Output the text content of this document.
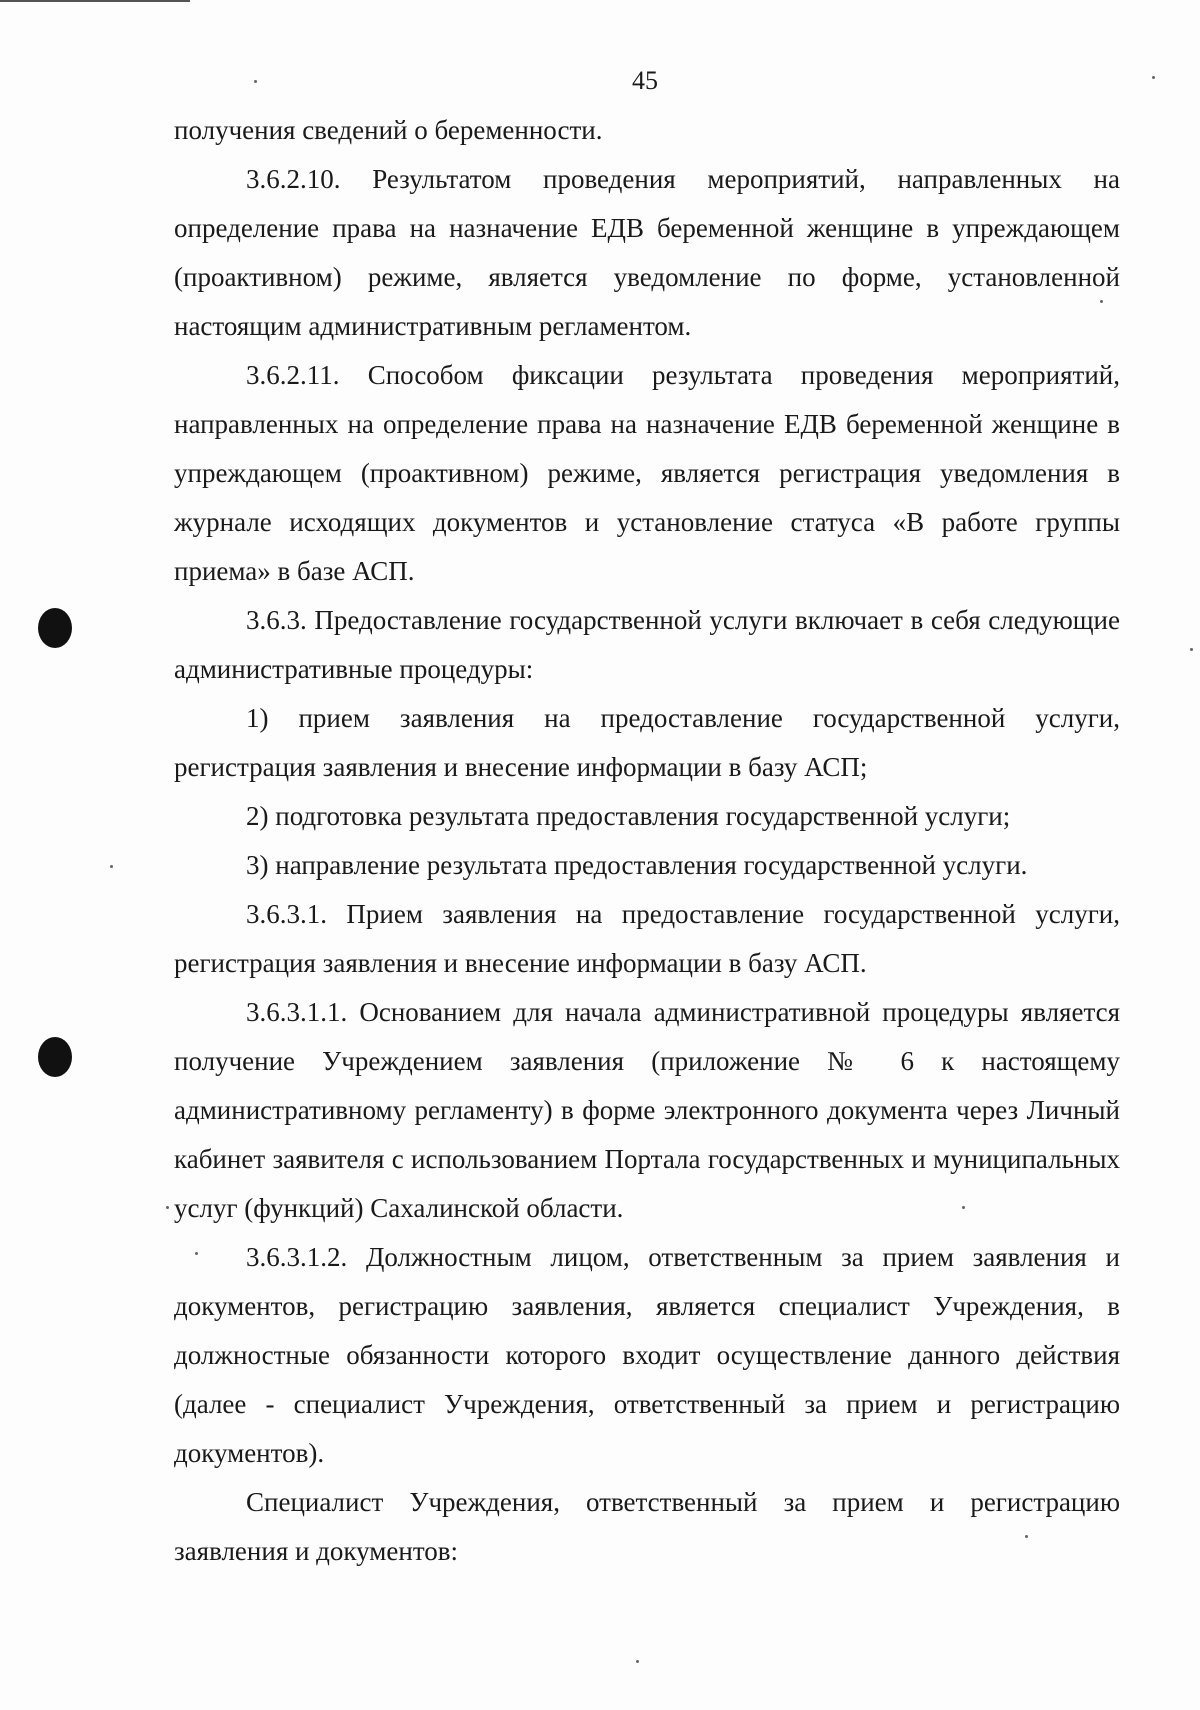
45

получения сведений о беременности.

3.6.2.10. Результатом проведения мероприятий, направленных на определение права на назначение ЕДВ беременной женщине в упреждающем (проактивном) режиме, является уведомление по форме, установленной настоящим административным регламентом.

3.6.2.11. Способом фиксации результата проведения мероприятий, направленных на определение права на назначение ЕДВ беременной женщине в упреждающем (проактивном) режиме, является регистрация уведомления в журнале исходящих документов и установление статуса «В работе группы приема» в базе АСП.

3.6.3. Предоставление государственной услуги включает в себя следующие административные процедуры:

1) прием заявления на предоставление государственной услуги, регистрация заявления и внесение информации в базу АСП;

2) подготовка результата предоставления государственной услуги;

3) направление результата предоставления государственной услуги.

3.6.3.1. Прием заявления на предоставление государственной услуги, регистрация заявления и внесение информации в базу АСП.

3.6.3.1.1. Основанием для начала административной процедуры является получение Учреждением заявления (приложение № 6 к настоящему административному регламенту) в форме электронного документа через Личный кабинет заявителя с использованием Портала государственных и муниципальных услуг (функций) Сахалинской области.

3.6.3.1.2. Должностным лицом, ответственным за прием заявления и документов, регистрацию заявления, является специалист Учреждения, в должностные обязанности которого входит осуществление данного действия (далее - специалист Учреждения, ответственный за прием и регистрацию документов).

Специалист Учреждения, ответственный за прием и регистрацию заявления и документов:
